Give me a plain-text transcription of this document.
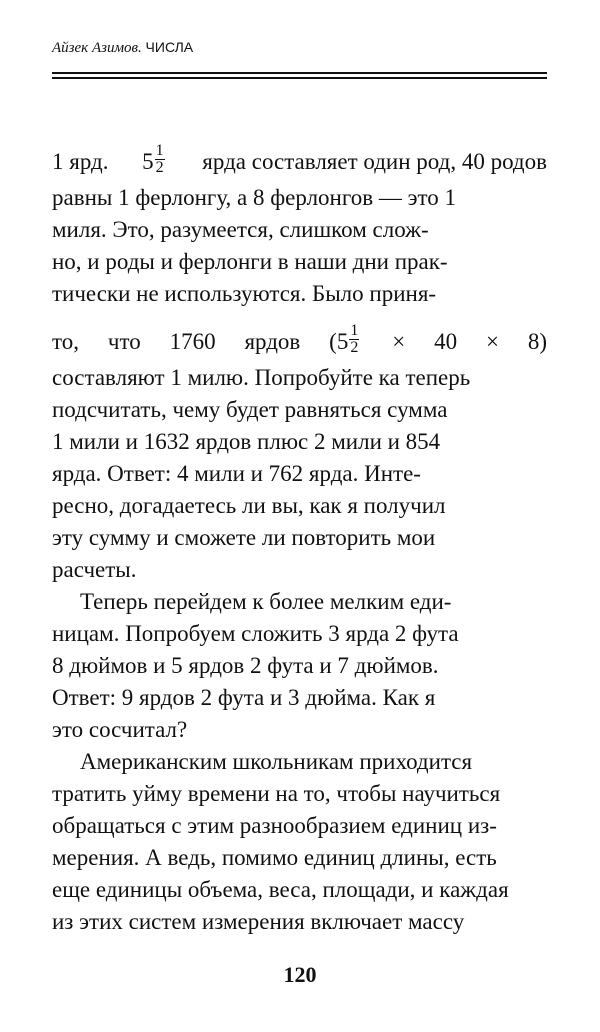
Айзек Азимов. ЧИСЛА
1 ярд. $5 \frac{1}{2}$ ярда составляет один род, 40 родов
равны 1 ферлонгу, а 8 ферлонгов — это 1
миля. Это, разумеется, слишком слож-
но, и роды и ферлонги в наши дни прак-
тически не используются. Было приня-
то, что 1760 ярдов ( $5 \frac{1}{2} \times 40 \times 8$)
составляют 1 милю. Попробуйте ка теперь
подсчитать, чему будет равняться сумма
1 мили и 1632 ярдов плюс 2 мили и 854
ярда. Ответ: 4 мили и 762 ярда. Инте-
ресно, догадаетесь ли вы, как я получил
эту сумму и сможете ли повторить мои
расчеты.
Теперь перейдем к более мелким еди-
ницам. Попробуем сложить 3 ярда 2 фута
8 дюймов и 5 ярдов 2 фута и 7 дюймов.
Ответ: 9 ярдов 2 фута и 3 дюйма. Как я
это сосчитал?
Американским школьникам приходится
тратить уйму времени на то, чтобы научиться
обращаться с этим разнообразием единиц из-
мерения. А ведь, помимо единиц длины, есть
еще единицы объема, веса, площади, и каждая
из этих систем измерения включает массу
120
